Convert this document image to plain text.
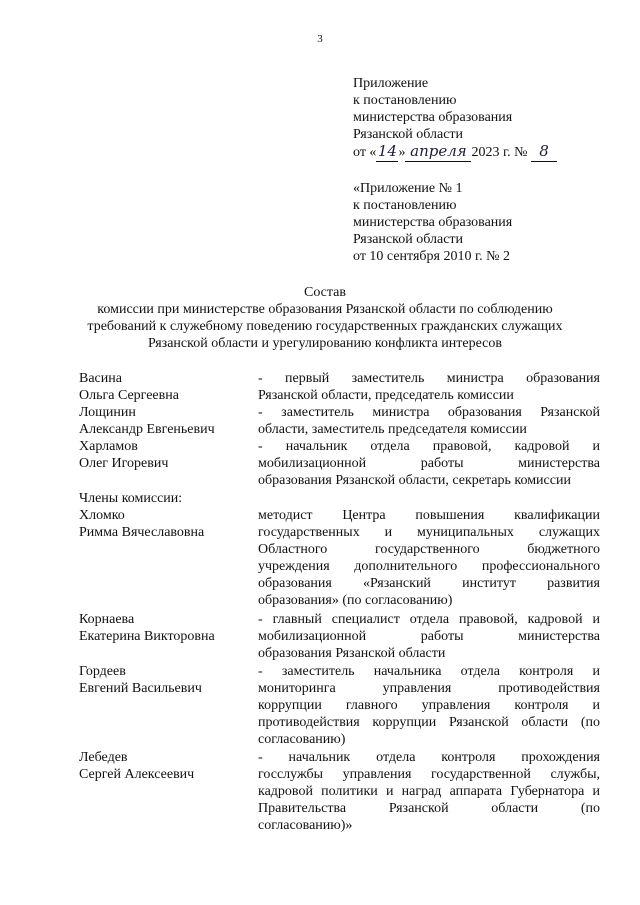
3
Приложение
к постановлению
министерства образования
Рязанской области
от «14» апреля 2023 г. № 8
«Приложение № 1
к постановлению
министерства образования
Рязанской области
от 10 сентября 2010 г. № 2
Состав
комиссии при министерстве образования Рязанской области по соблюдению
требований к служебному поведению государственных гражданских служащих
Рязанской области и урегулированию конфликта интересов
Васина
Ольга Сергеевна
- первый заместитель министра образования
Рязанской области, председатель комиссии
Лощинин
Александр Евгеньевич
- заместитель министра образования Рязанской
области, заместитель председателя комиссии
Харламов
Олег Игоревич
- начальник отдела правовой, кадровой и
мобилизационной работы министерства
образования Рязанской области, секретарь комиссии
Члены комиссии:
Хломко
Римма Вячеславовна
методист Центра повышения квалификации
государственных и муниципальных служащих
Областного государственного бюджетного
учреждения дополнительного профессионального
образования «Рязанский институт развития
образования» (по согласованию)
Корнаева
Екатерина Викторовна
- главный специалист отдела правовой, кадровой и
мобилизационной работы министерства
образования Рязанской области
Гордеев
Евгений Васильевич
- заместитель начальника отдела контроля и
мониторинга управления противодействия
коррупции главного управления контроля и
противодействия коррупции Рязанской области (по
согласованию)
Лебедев
Сергей Алексеевич
- начальник отдела контроля прохождения
госслужбы управления государственной службы,
кадровой политики и наград аппарата Губернатора и
Правительства Рязанской области (по
согласованию)»
